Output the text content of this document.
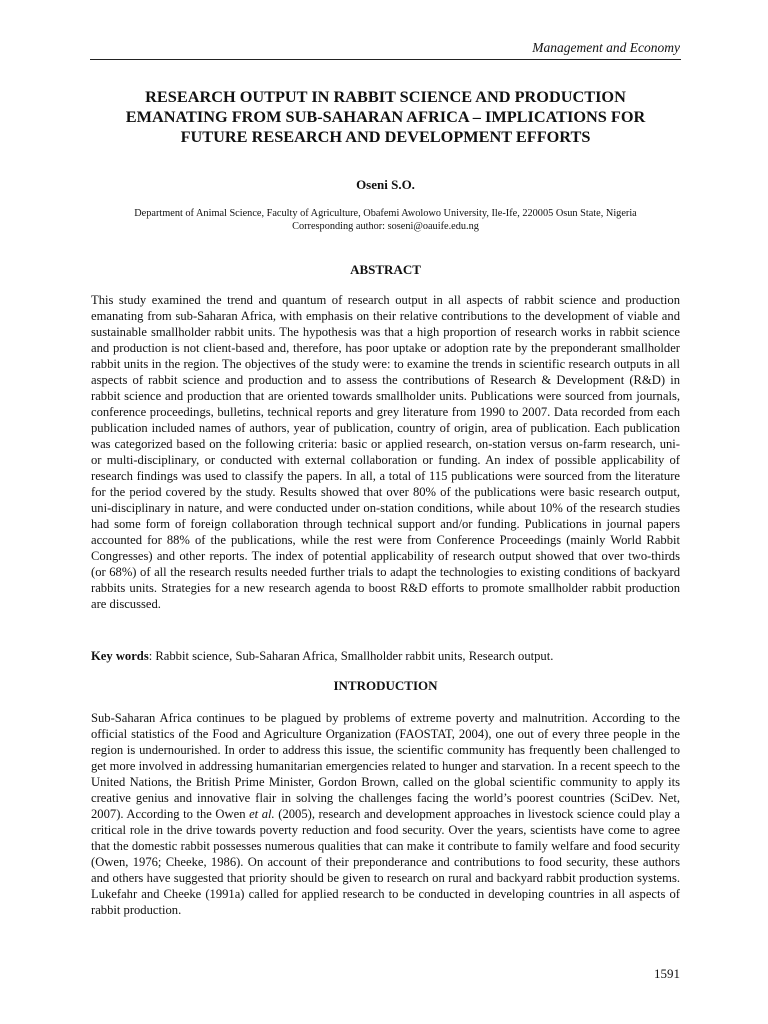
Management and Economy
RESEARCH OUTPUT IN RABBIT SCIENCE AND PRODUCTION
EMANATING FROM SUB-SAHARAN AFRICA – IMPLICATIONS FOR
FUTURE RESEARCH AND DEVELOPMENT EFFORTS
Oseni S.O.
Department of Animal Science, Faculty of Agriculture, Obafemi Awolowo University, Ile-Ife, 220005 Osun State, Nigeria
Corresponding author: soseni@oauife.edu.ng
ABSTRACT

This study examined the trend and quantum of research output in all aspects of rabbit science and production emanating from sub-Saharan Africa, with emphasis on their relative contributions to the development of viable and sustainable smallholder rabbit units. The hypothesis was that a high proportion of research works in rabbit science and production is not client-based and, therefore, has poor uptake or adoption rate by the preponderant smallholder rabbit units in the region. The objectives of the study were: to examine the trends in scientific research outputs in all aspects of rabbit science and production and to assess the contributions of Research & Development (R&D) in rabbit science and production that are oriented towards smallholder units. Publications were sourced from journals, conference proceedings, bulletins, technical reports and grey literature from 1990 to 2007. Data recorded from each publication included names of authors, year of publication, country of origin, area of publication. Each publication was categorized based on the following criteria: basic or applied research, on-station versus on-farm research, uni- or multi-disciplinary, or conducted with external collaboration or funding. An index of possible applicability of research findings was used to classify the papers. In all, a total of 115 publications were sourced from the literature for the period covered by the study. Results showed that over 80% of the publications were basic research output, uni-disciplinary in nature, and were conducted under on-station conditions, while about 10% of the research studies had some form of foreign collaboration through technical support and/or funding. Publications in journal papers accounted for 88% of the publications, while the rest were from Conference Proceedings (mainly World Rabbit Congresses) and other reports. The index of potential applicability of research output showed that over two-thirds (or 68%) of all the research results needed further trials to adapt the technologies to existing conditions of backyard rabbits units. Strategies for a new research agenda to boost R&D efforts to promote smallholder rabbit production are discussed.

Key words: Rabbit science, Sub-Saharan Africa, Smallholder rabbit units, Research output.

INTRODUCTION

Sub-Saharan Africa continues to be plagued by problems of extreme poverty and malnutrition. According to the official statistics of the Food and Agriculture Organization (FAOSTAT, 2004), one out of every three people in the region is undernourished. In order to address this issue, the scientific community has frequently been challenged to get more involved in addressing humanitarian emergencies related to hunger and starvation. In a recent speech to the United Nations, the British Prime Minister, Gordon Brown, called on the global scientific community to apply its creative genius and innovative flair in solving the challenges facing the world’s poorest countries (SciDev. Net, 2007). According to the Owen et al. (2005), research and development approaches in livestock science could play a critical role in the drive towards poverty reduction and food security. Over the years, scientists have come to agree that the domestic rabbit possesses numerous qualities that can make it contribute to family welfare and food security (Owen, 1976; Cheeke, 1986). On account of their preponderance and contributions to food security, these authors and others have suggested that priority should be given to research on rural and backyard rabbit production systems. Lukefahr and Cheeke (1991a) called for applied research to be conducted in developing countries in all aspects of rabbit production.

1591
